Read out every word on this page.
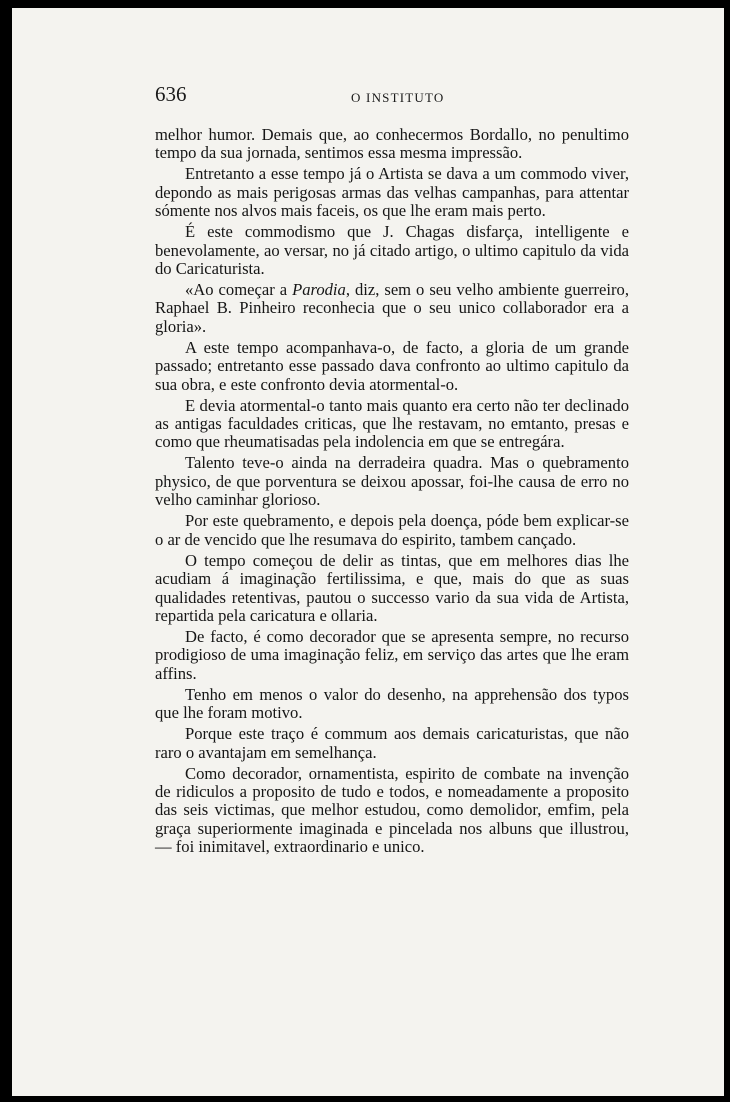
636	O INSTITUTO

melhor humor. Demais que, ao conhecermos Bordallo, no penultimo tempo da sua jornada, sentimos essa mesma impressão.

Entretanto a esse tempo já o Artista se dava a um commodo viver, depondo as mais perigosas armas das velhas campanhas, para attentar sómente nos alvos mais faceis, os que lhe eram mais perto.

É este commodismo que J. Chagas disfarça, intelligente e benevolamente, ao versar, no já citado artigo, o ultimo capitulo da vida do Caricaturista.

«Ao começar a Parodia, diz, sem o seu velho ambiente guerreiro, Raphael B. Pinheiro reconhecia que o seu unico collaborador era a gloria».

A este tempo acompanhava-o, de facto, a gloria de um grande passado; entretanto esse passado dava confronto ao ultimo capitulo da sua obra, e este confronto devia atormental-o.

E devia atormental-o tanto mais quanto era certo não ter declinado as antigas faculdades criticas, que lhe restavam, no emtanto, presas e como que rheumatisadas pela indolencia em que se entregára.

Talento teve-o ainda na derradeira quadra. Mas o quebramento physico, de que porventura se deixou apossar, foi-lhe causa de erro no velho caminhar glorioso.

Por este quebramento, e depois pela doença, póde bem explicar-se o ar de vencido que lhe resumava do espirito, tambem cançado.

O tempo começou de delir as tintas, que em melhores dias lhe acudiam á imaginação fertilissima, e que, mais do que as suas qualidades retentivas, pautou o successo vario da sua vida de Artista, repartida pela caricatura e ollaria.

De facto, é como decorador que se apresenta sempre, no recurso prodigioso de uma imaginação feliz, em serviço das artes que lhe eram affins.

Tenho em menos o valor do desenho, na apprehensão dos typos que lhe foram motivo.

Porque este traço é commum aos demais caricaturistas, que não raro o avantajam em semelhança.

Como decorador, ornamentista, espirito de combate na invenção de ridiculos a proposito de tudo e todos, e nomeadamente a proposito das seis victimas, que melhor estudou, como demolidor, emfim, pela graça superiormente imaginada e pincelada nos albuns que illustrou, — foi inimitavel, extraordinario e unico.
